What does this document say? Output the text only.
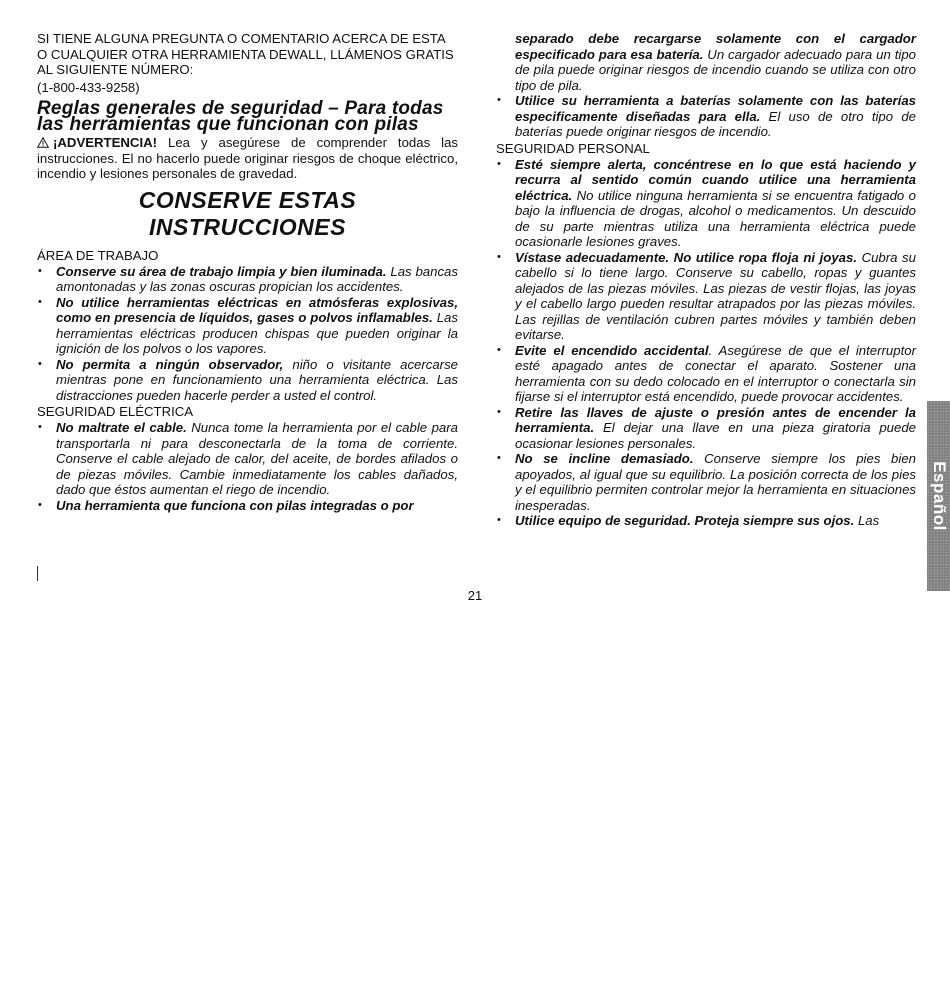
SI TIENE ALGUNA PREGUNTA O COMENTARIO ACERCA DE ESTA O CUALQUIER OTRA HERRAMIENTA DEWALL, LLÁMENOS GRATIS AL SIGUIENTE NÚMERO:

(1-800-433-9258)

Reglas generales de seguridad – Para todas las herramientas que funcionan con pilas

¡ADVERTENCIA! Lea y asegúrese de comprender todas las instrucciones. El no hacerlo puede originar riesgos de choque eléctrico, incendio y lesiones personales de gravedad.

CONSERVE ESTAS
INSTRUCCIONES

ÁREA DE TRABAJO

• Conserve su área de trabajo limpia y bien iluminada. Las bancas amontonadas y las zonas oscuras propician los accidentes.
• No utilice herramientas eléctricas en atmósferas explosivas, como en presencia de líquidos, gases o polvos inflamables. Las herramientas eléctricas producen chispas que pueden originar la ignición de los polvos o los vapores.
• No permita a ningún observador, niño o visitante acercarse mientras pone en funcionamiento una herramienta eléctrica. Las distracciones pueden hacerle perder a usted el control.

SEGURIDAD ELÉCTRICA

• No maltrate el cable. Nunca tome la herramienta por el cable para transportarla ni para desconectarla de la toma de corriente. Conserve el cable alejado de calor, del aceite, de bordes afilados o de piezas móviles. Cambie inmediatamente los cables dañados, dado que éstos aumentan el riego de incendio.
• Una herramienta que funciona con pilas integradas o por
separado debe recargarse solamente con el cargador especificado para esa batería. Un cargador adecuado para un tipo de pila puede originar riesgos de incendio cuando se utiliza con otro tipo de pila.
• Utilice su herramienta a baterías solamente con las baterías especificamente diseñadas para ella. El uso de otro tipo de baterías puede originar riesgos de incendio.

SEGURIDAD PERSONAL

• Esté siempre alerta, concéntrese en lo que está haciendo y recurra al sentido común cuando utilice una herramienta eléctrica. No utilice ninguna herramienta si se encuentra fatigado o bajo la influencia de drogas, alcohol o medicamentos. Un descuido de su parte mientras utiliza una herramienta eléctrica puede ocasionarle lesiones graves.
• Vístase adecuadamente. No utilice ropa floja ni joyas. Cubra su cabello si lo tiene largo. Conserve su cabello, ropas y guantes alejados de las piezas móviles. Las piezas de vestir flojas, las joyas y el cabello largo pueden resultar atrapados por las piezas móviles. Las rejillas de ventilación cubren partes móviles y también deben evitarse.
• Evite el encendido accidental. Asegúrese de que el interruptor esté apagado antes de conectar el aparato. Sostener una herramienta con su dedo colocado en el interruptor o conectarla sin fijarse si el interruptor está encendido, puede provocar accidentes.
• Retire las llaves de ajuste o presión antes de encender la herramienta. El dejar una llave en una pieza giratoria puede ocasionar lesiones personales.
• No se incline demasiado. Conserve siempre los pies bien apoyados, al igual que su equilibrio. La posición correcta de los pies y el equilibrio permiten controlar mejor la herramienta en situaciones inesperadas.
• Utilice equipo de seguridad. Proteja siempre sus ojos. Las
21
Español
